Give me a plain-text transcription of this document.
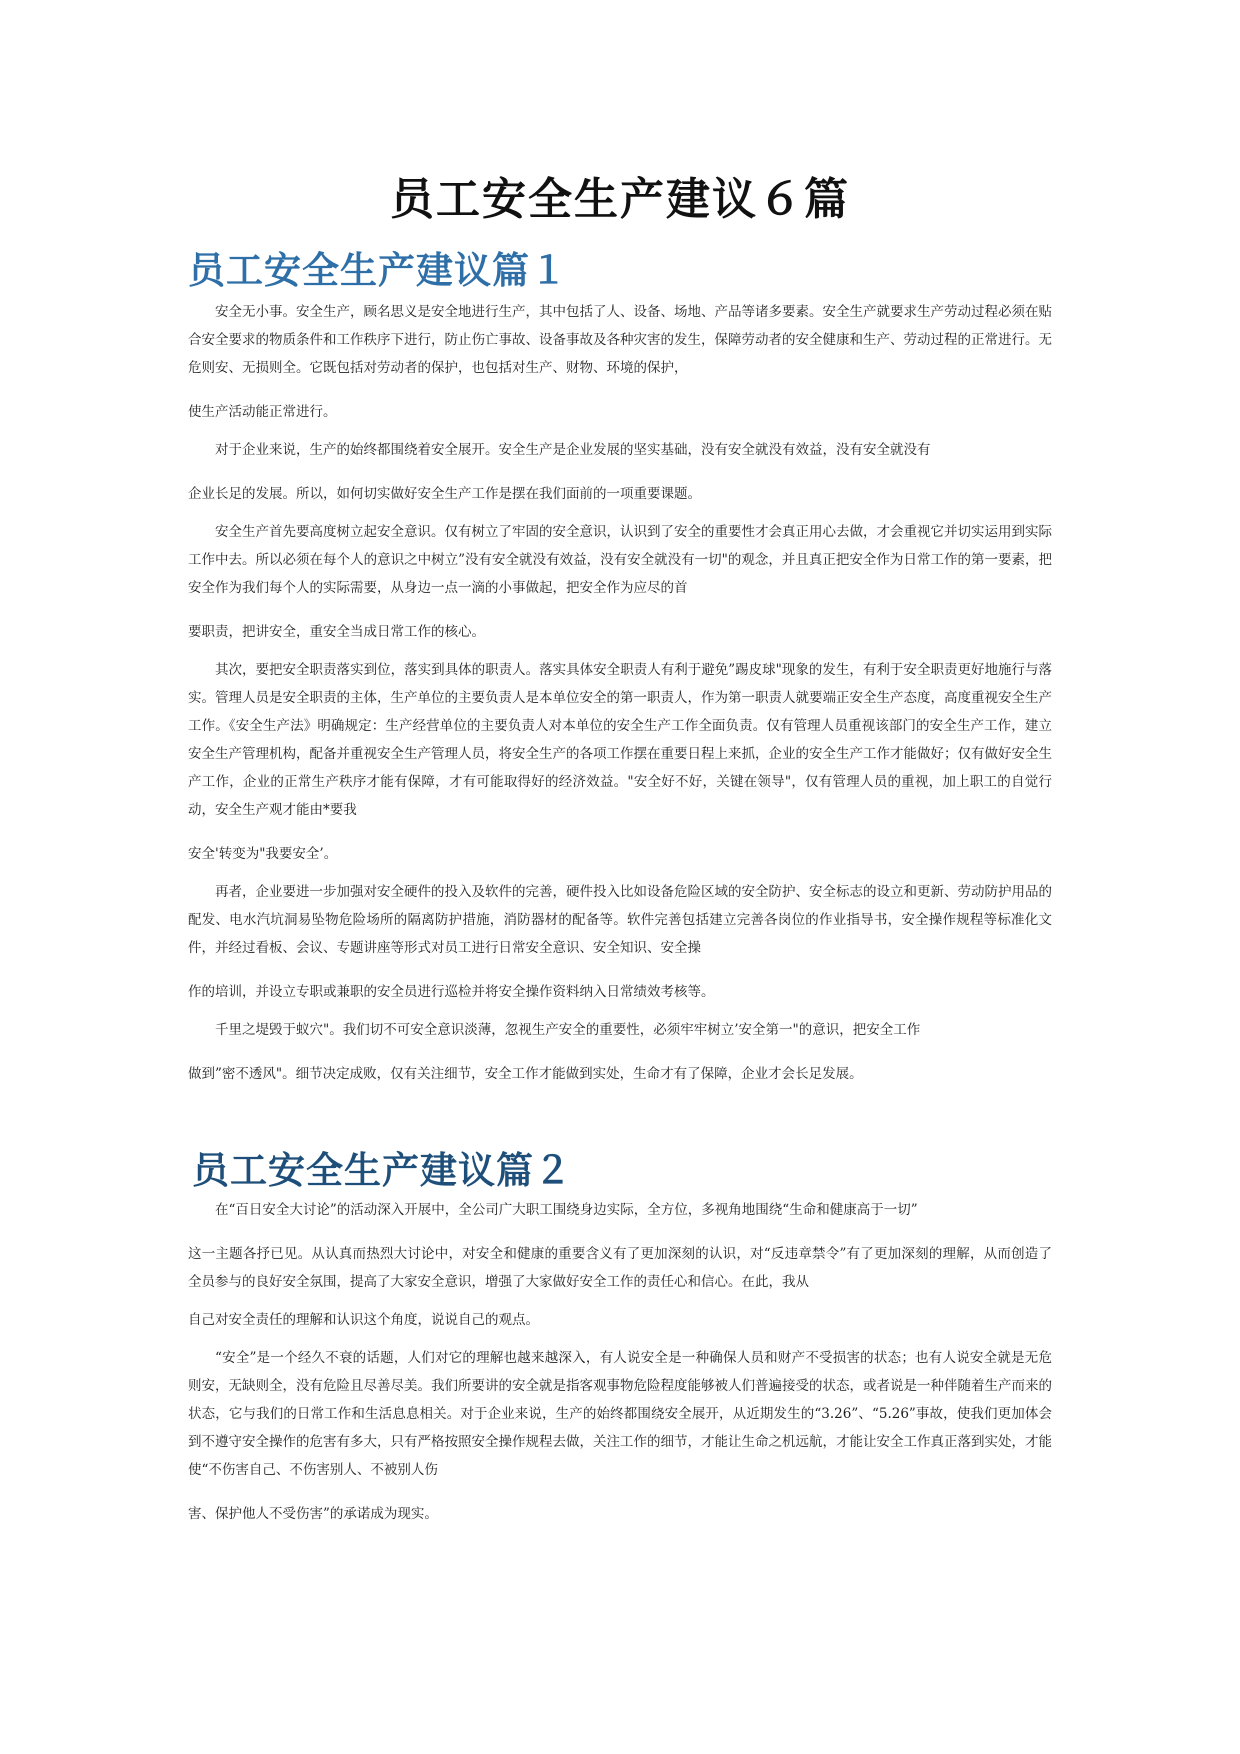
员工安全生产建议６篇
员工安全生产建议篇１

安全无小事。安全生产，顾名思义是安全地进行生产，其中包括了人、设备、场地、产品等诸多要素。安全生产就要求生产劳动过程必须在贴合安全要求的物质条件和工作秩序下进行，防止伤亡事故、设备事故及各种灾害的发生，保障劳动者的安全健康和生产、劳动过程的正常进行。无危则安、无损则全。它既包括对劳动者的保护，也包括对生产、财物、环境的保护，
使生产活动能正常进行。

对于企业来说，生产的始终都围绕着安全展开。安全生产是企业发展的坚实基础，没有安全就没有效益，没有安全就没有
企业长足的发展。所以，如何切实做好安全生产工作是摆在我们面前的一项重要课题。

安全生产首先要高度树立起安全意识。仅有树立了牢固的安全意识，认识到了安全的重要性才会真正用心去做，才会重视它并切实运用到实际工作中去。所以必须在每个人的意识之中树立”没有安全就没有效益，没有安全就没有一切"的观念，并且真正把安全作为日常工作的第一要素，把安全作为我们每个人的实际需要，从身边一点一滴的小事做起，把安全作为应尽的首
要职责，把讲安全，重安全当成日常工作的核心。

其次，要把安全职责落实到位，落实到具体的职责人。落实具体安全职责人有利于避免”踢皮球"现象的发生，有利于安全职责更好地施行与落实。管理人员是安全职责的主体，生产单位的主要负责人是本单位安全的第一职责人，作为第一职责人就要端正安全生产态度，高度重视安全生产工作。《安全生产法》明确规定：生产经营单位的主要负责人对本单位的安全生产工作全面负责。仅有管理人员重视该部门的安全生产工作，建立安全生产管理机构，配备并重视安全生产管理人员，将安全生产的各项工作摆在重要日程上来抓，企业的安全生产工作才能做好；仅有做好安全生产工作，企业的正常生产秩序才能有保障，才有可能取得好的经济效益。"安全好不好，关键在领导"，仅有管理人员的重视，加上职工的自觉行动，安全生产观才能由*要我
安全'转变为"我要安全’。

再者，企业要进一步加强对安全硬件的投入及软件的完善，硬件投入比如设备危险区域的安全防护、安全标志的设立和更新、劳动防护用品的配发、电水汽坑洞易坠物危险场所的隔离防护措施，消防器材的配备等。软件完善包括建立完善各岗位的作业指导书，安全操作规程等标准化文件，并经过看板、会议、专题讲座等形式对员工进行日常安全意识、安全知识、安全操
作的培训，并设立专职或兼职的安全员进行巡检并将安全操作资料纳入日常绩效考核等。

千里之堤毁于蚁穴"。我们切不可安全意识淡薄，忽视生产安全的重要性，必须牢牢树立’安全第一"的意识，把安全工作
做到”密不透风"。细节决定成败，仅有关注细节，安全工作才能做到实处，生命才有了保障，企业才会长足发展。

员工安全生产建议篇２

在“百日安全大讨论”的活动深入开展中，全公司广大职工围绕身边实际，全方位，多视角地围绕“生命和健康高于一切”
这一主题各抒已见。从认真而热烈大讨论中，对安全和健康的重要含义有了更加深刻的认识，对“反违章禁令”有了更加深刻的理解，从而创造了全员参与的良好安全氛围，提高了大家安全意识，增强了大家做好安全工作的责任心和信心。在此，我从

自己对安全责任的理解和认识这个角度，说说自己的观点。

“安全”是一个经久不衰的话题，人们对它的理解也越来越深入，有人说安全是一种确保人员和财产不受损害的状态；也有人说安全就是无危则安，无缺则全，没有危险且尽善尽美。我们所要讲的安全就是指客观事物危险程度能够被人们普遍接受的状态，或者说是一种伴随着生产而来的状态，它与我们的日常工作和生活息息相关。对于企业来说，生产的始终都围绕安全展开，从近期发生的“3.26”、“5.26”事故，使我们更加体会到不遵守安全操作的危害有多大，只有严格按照安全操作规程去做，关注工作的细节，才能让生命之机远航，才能让安全工作真正落到实处，才能使“不伤害自己、不伤害别人、不被别人伤
害、保护他人不受伤害”的承诺成为现实。
